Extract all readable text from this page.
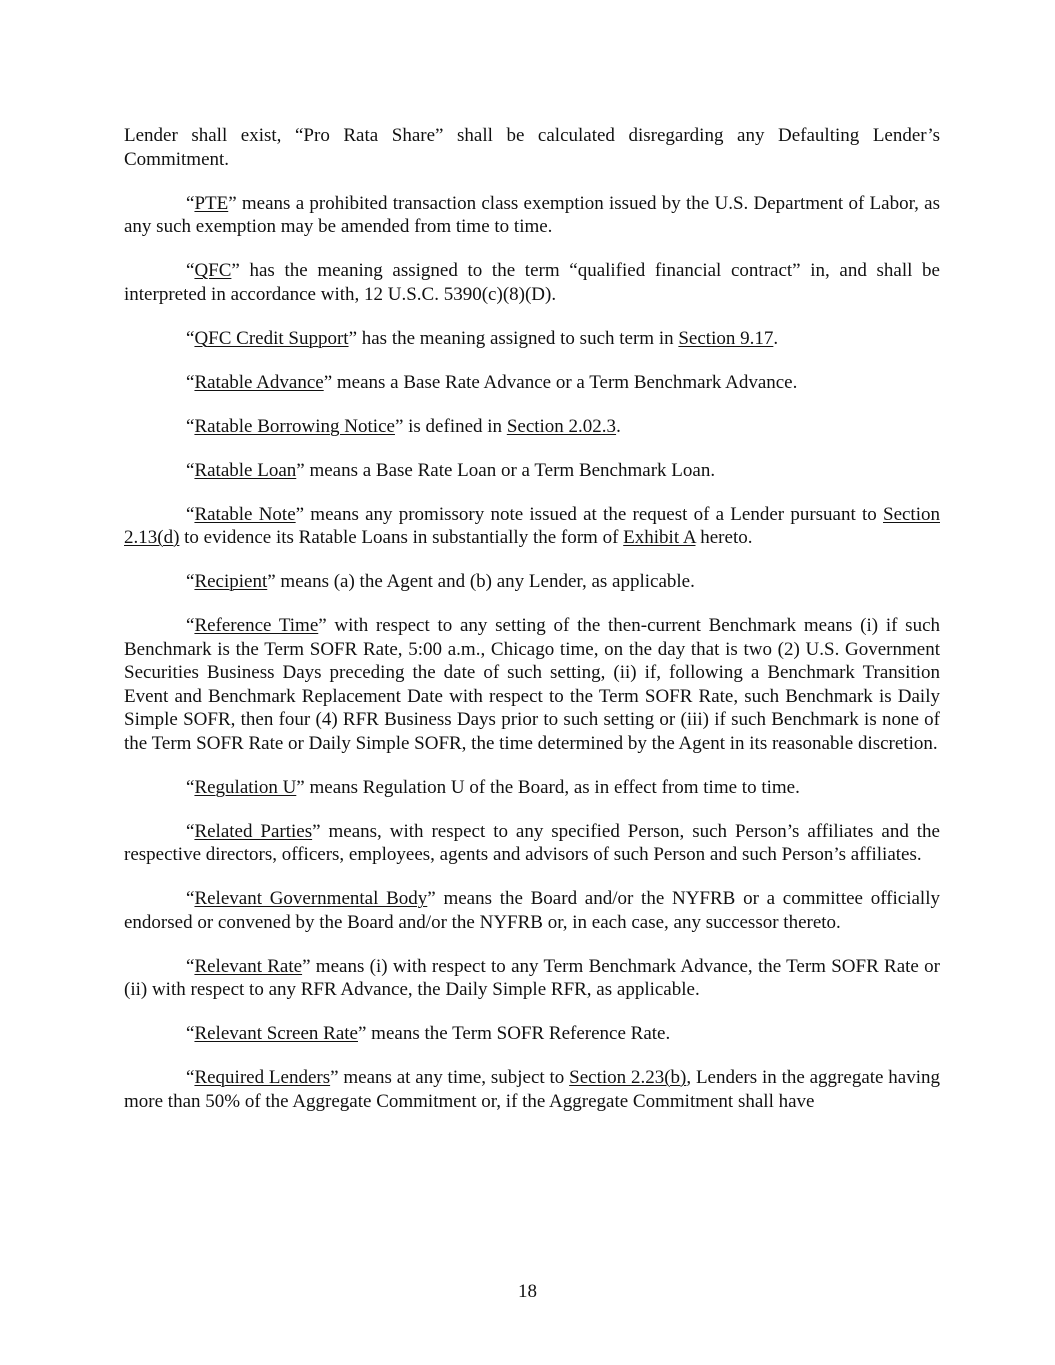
Lender shall exist, “Pro Rata Share” shall be calculated disregarding any Defaulting Lender’s Commitment.

“PTE” means a prohibited transaction class exemption issued by the U.S. Department of Labor, as any such exemption may be amended from time to time.

“QFC” has the meaning assigned to the term “qualified financial contract” in, and shall be interpreted in accordance with, 12 U.S.C. 5390(c)(8)(D).

“QFC Credit Support” has the meaning assigned to such term in Section 9.17.

“Ratable Advance” means a Base Rate Advance or a Term Benchmark Advance.

“Ratable Borrowing Notice” is defined in Section 2.02.3.

“Ratable Loan” means a Base Rate Loan or a Term Benchmark Loan.

“Ratable Note” means any promissory note issued at the request of a Lender pursuant to Section 2.13(d) to evidence its Ratable Loans in substantially the form of Exhibit A hereto.

“Recipient” means (a) the Agent and (b) any Lender, as applicable.

“Reference Time” with respect to any setting of the then-current Benchmark means (i) if such Benchmark is the Term SOFR Rate, 5:00 a.m., Chicago time, on the day that is two (2) U.S. Government Securities Business Days preceding the date of such setting, (ii) if, following a Benchmark Transition Event and Benchmark Replacement Date with respect to the Term SOFR Rate, such Benchmark is Daily Simple SOFR, then four (4) RFR Business Days prior to such setting or (iii) if such Benchmark is none of the Term SOFR Rate or Daily Simple SOFR, the time determined by the Agent in its reasonable discretion.

“Regulation U” means Regulation U of the Board, as in effect from time to time.

“Related Parties” means, with respect to any specified Person, such Person’s affiliates and the respective directors, officers, employees, agents and advisors of such Person and such Person’s affiliates.

“Relevant Governmental Body” means the Board and/or the NYFRB or a committee officially endorsed or convened by the Board and/or the NYFRB or, in each case, any successor thereto.

“Relevant Rate” means (i) with respect to any Term Benchmark Advance, the Term SOFR Rate or (ii) with respect to any RFR Advance, the Daily Simple RFR, as applicable.

“Relevant Screen Rate” means the Term SOFR Reference Rate.

“Required Lenders” means at any time, subject to Section 2.23(b), Lenders in the aggregate having more than 50% of the Aggregate Commitment or, if the Aggregate Commitment shall have

18
